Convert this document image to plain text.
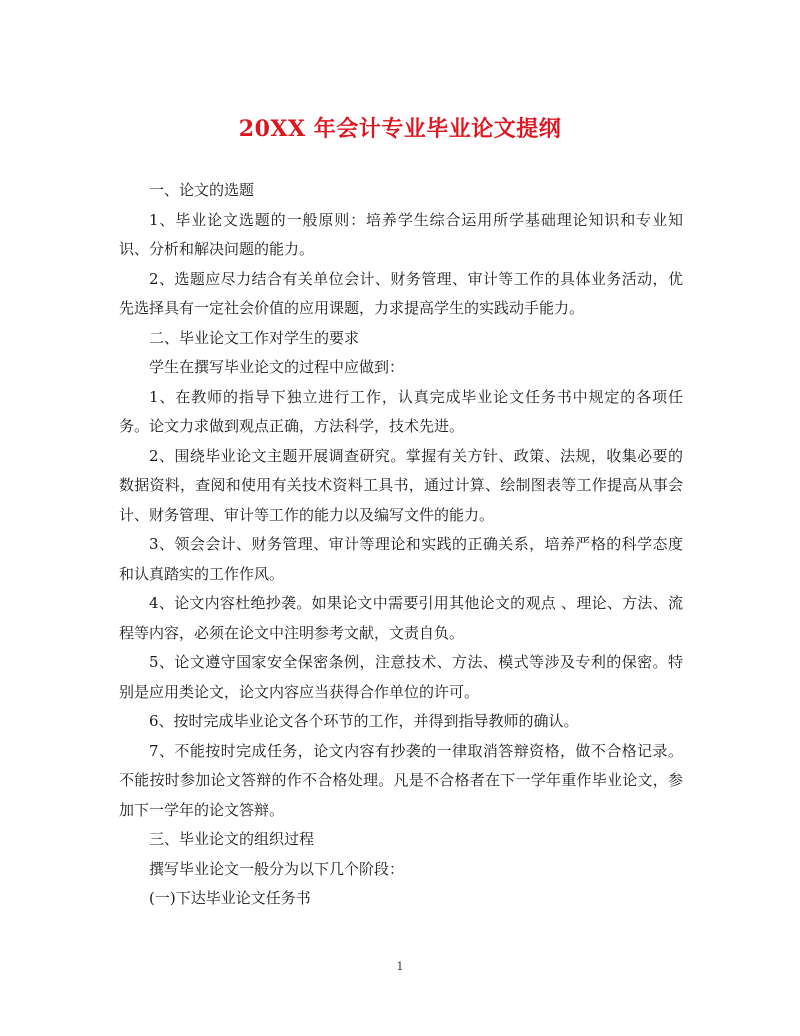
20XX 年会计专业毕业论文提纲

一、论文的选题

1、毕业论文选题的一般原则：培养学生综合运用所学基础理论知识和专业知识、分析和解决问题的能力。

2、选题应尽力结合有关单位会计、财务管理、审计等工作的具体业务活动，优先选择具有一定社会价值的应用课题，力求提高学生的实践动手能力。

二、毕业论文工作对学生的要求

学生在撰写毕业论文的过程中应做到：

1、在教师的指导下独立进行工作，认真完成毕业论文任务书中规定的各项任务。论文力求做到观点正确，方法科学，技术先进。

2、围绕毕业论文主题开展调查研究。掌握有关方针、政策、法规，收集必要的数据资料，查阅和使用有关技术资料工具书，通过计算、绘制图表等工作提高从事会计、财务管理、审计等工作的能力以及编写文件的能力。

3、领会会计、财务管理、审计等理论和实践的正确关系，培养严格的科学态度和认真踏实的工作作风。

4、论文内容杜绝抄袭。如果论文中需要引用其他论文的观点 、理论、方法、流程等内容，必须在论文中注明参考文献，文责自负。

5、论文遵守国家安全保密条例，注意技术、方法、模式等涉及专利的保密。特别是应用类论文，论文内容应当获得合作单位的许可。

6、按时完成毕业论文各个环节的工作，并得到指导教师的确认。

7、不能按时完成任务，论文内容有抄袭的一律取消答辩资格，做不合格记录。不能按时参加论文答辩的作不合格处理。凡是不合格者在下一学年重作毕业论文，参加下一学年的论文答辩。

三、毕业论文的组织过程

撰写毕业论文一般分为以下几个阶段：

(一)下达毕业论文任务书

1
